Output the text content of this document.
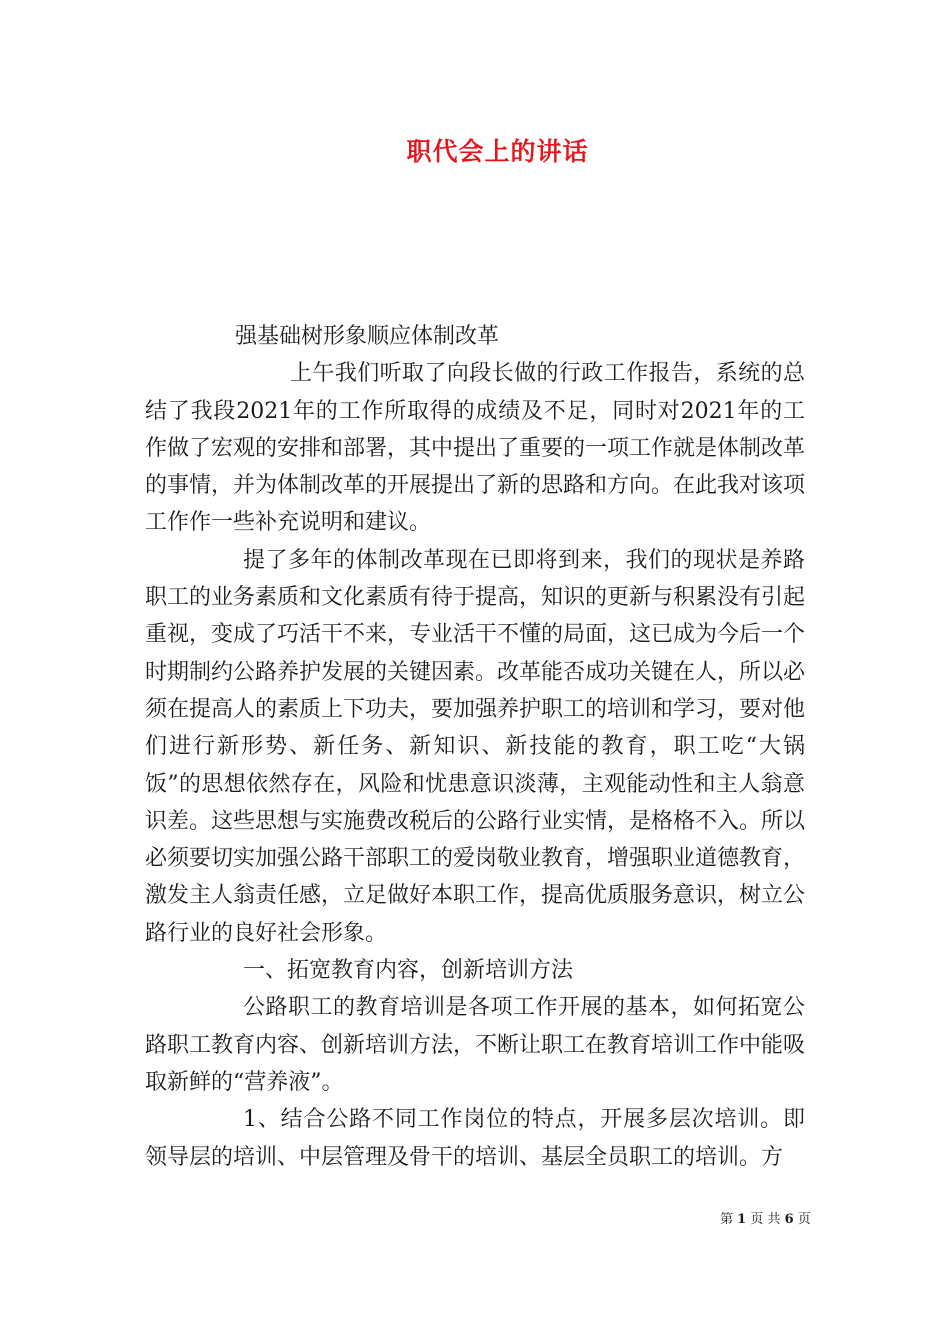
职代会上的讲话

强基础树形象顺应体制改革

上午我们听取了向段长做的行政工作报告，系统的总结了我段2021年的工作所取得的成绩及不足，同时对2021年的工作做了宏观的安排和部署，其中提出了重要的一项工作就是体制改革的事情，并为体制改革的开展提出了新的思路和方向。在此我对该项工作作一些补充说明和建议。

提了多年的体制改革现在已即将到来，我们的现状是养路职工的业务素质和文化素质有待于提高，知识的更新与积累没有引起重视，变成了巧活干不来，专业活干不懂的局面，这已成为今后一个时期制约公路养护发展的关键因素。改革能否成功关键在人，所以必须在提高人的素质上下功夫，要加强养护职工的培训和学习，要对他们进行新形势、新任务、新知识、新技能的教育，职工吃“大锅饭”的思想依然存在，风险和忧患意识淡薄，主观能动性和主人翁意识差。这些思想与实施费改税后的公路行业实情，是格格不入。所以必须要切实加强公路干部职工的爱岗敬业教育，增强职业道德教育，激发主人翁责任感，立足做好本职工作，提高优质服务意识，树立公路行业的良好社会形象。

一、拓宽教育内容，创新培训方法

公路职工的教育培训是各项工作开展的基本，如何拓宽公路职工教育内容、创新培训方法，不断让职工在教育培训工作中能吸取新鲜的“营养液”。

1、结合公路不同工作岗位的特点，开展多层次培训。即领导层的培训、中层管理及骨干的培训、基层全员职工的培训。方

第 1 页 共 6 页
